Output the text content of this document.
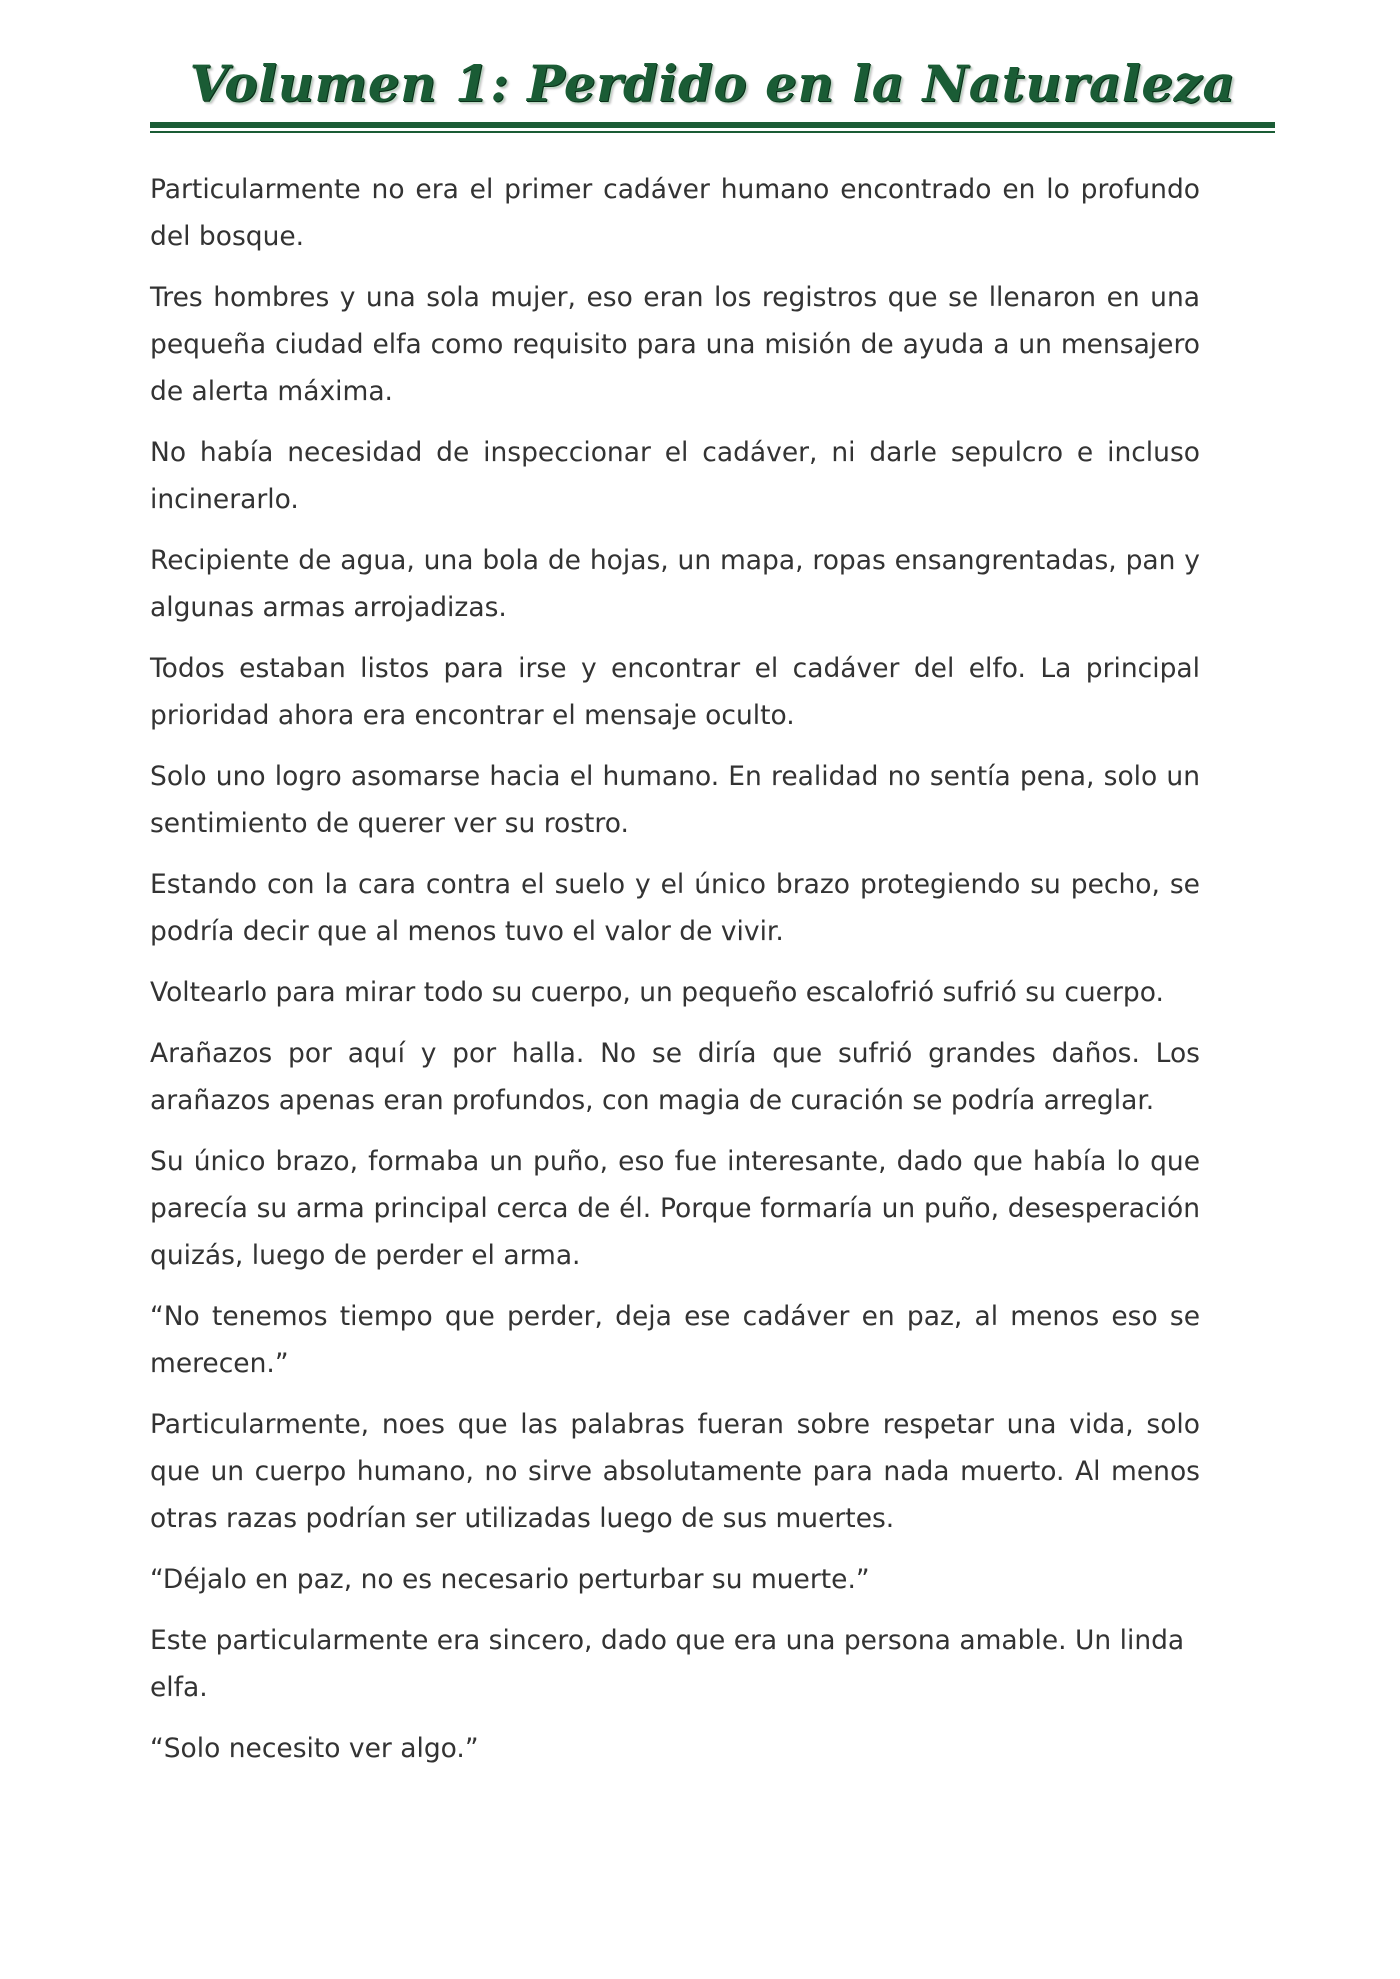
Volumen 1: Perdido en la Naturaleza

Particularmente no era el primer cadáver humano encontrado en lo profundo del bosque.

Tres hombres y una sola mujer, eso eran los registros que se llenaron en una pequeña ciudad elfa como requisito para una misión de ayuda a un mensajero de alerta máxima.

No había necesidad de inspeccionar el cadáver, ni darle sepulcro e incluso incinerarlo.

Recipiente de agua, una bola de hojas, un mapa, ropas ensangrentadas, pan y algunas armas arrojadizas.

Todos estaban listos para irse y encontrar el cadáver del elfo. La principal prioridad ahora era encontrar el mensaje oculto.

Solo uno logro asomarse hacia el humano. En realidad no sentía pena, solo un sentimiento de querer ver su rostro.

Estando con la cara contra el suelo y el único brazo protegiendo su pecho, se podría decir que al menos tuvo el valor de vivir.

Voltearlo para mirar todo su cuerpo, un pequeño escalofrió sufrió su cuerpo.

Arañazos por aquí y por halla. No se diría que sufrió grandes daños. Los arañazos apenas eran profundos, con magia de curación se podría arreglar.

Su único brazo, formaba un puño, eso fue interesante, dado que había lo que parecía su arma principal cerca de él. Porque formaría un puño, desesperación quizás, luego de perder el arma.

“No tenemos tiempo que perder, deja ese cadáver en paz, al menos eso se merecen.”

Particularmente, noes que las palabras fueran sobre respetar una vida, solo que un cuerpo humano, no sirve absolutamente para nada muerto. Al menos otras razas podrían ser utilizadas luego de sus muertes.

“Déjalo en paz, no es necesario perturbar su muerte.”

Este particularmente era sincero, dado que era una persona amable. Un linda elfa.

“Solo necesito ver algo.”
